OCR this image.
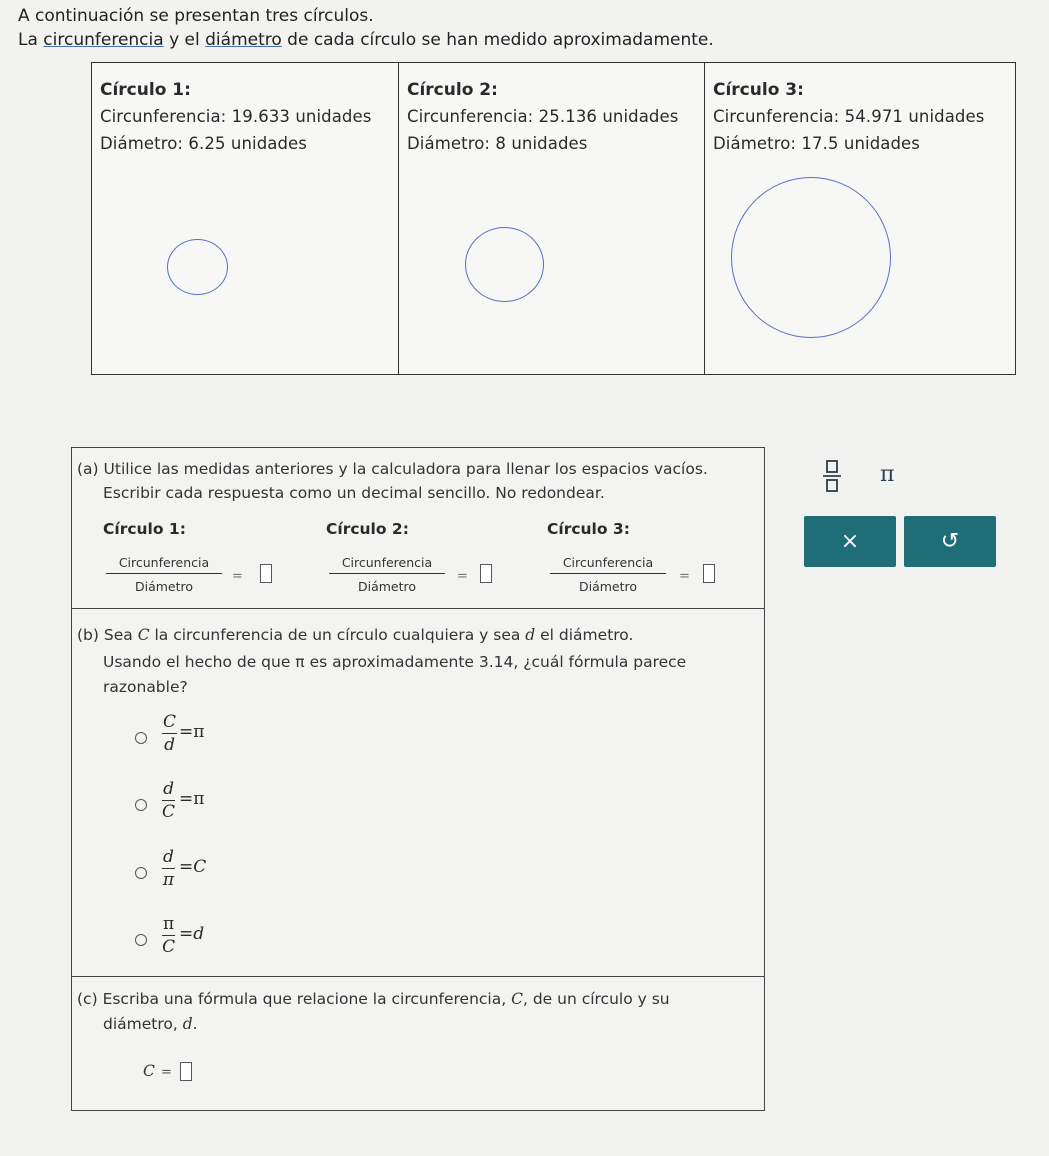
A continuación se presentan tres círculos.
La circunferencia y el diámetro de cada círculo se han medido aproximadamente.
Círculo 1:
Circunferencia: 19.633 unidades
Diámetro: 6.25 unidades
Círculo 2:
Circunferencia: 25.136 unidades
Diámetro: 8 unidades
Círculo 3:
Circunferencia: 54.971 unidades
Diámetro: 17.5 unidades
(a) Utilice las medidas anteriores y la calculadora para llenar los espacios vacíos.
Escribir cada respuesta como un decimal sencillo. No redondear.
Círculo 1:
Circunferencia
Diámetro
=
Círculo 2:
Circunferencia
Diámetro
=
Círculo 3:
Circunferencia
Diámetro
=
(b) Sea C la circunferencia de un círculo cualquiera y sea d el diámetro.
Usando el hecho de que π es aproximadamente 3.14, ¿cuál fórmula parece
razonable?
C
d
=π
d
C
=π
d
π
=C
π
C
=d
(c) Escriba una fórmula que relacione la circunferencia, C, de un círculo y su
diámetro, d.
C =
π
×	↺
